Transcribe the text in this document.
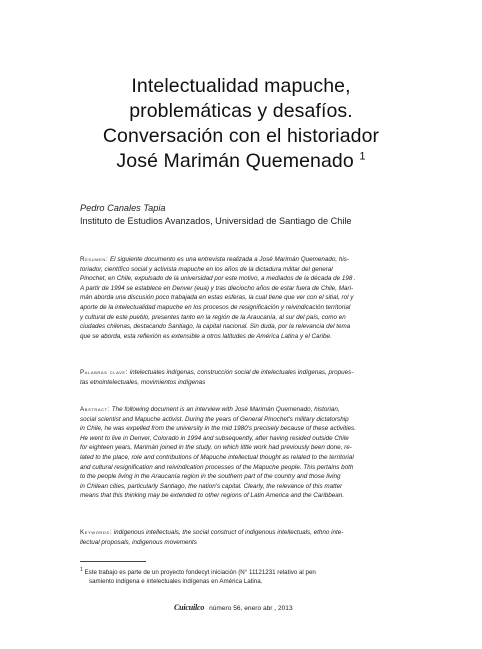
Intelectualidad mapuche,
problemáticas y desafíos.
Conversación con el historiador
José Marimán Quemenado $^1$
Pedro Canales Tapia
Instituto de Estudios Avanzados, Universidad de Santiago de Chile
Resumen: El siguiente documento es una entrevista realizada a José Marimán Quemenado, his-
toriador, científico social y activista mapuche en los años de la dictadura militar del general
Pinochet, en Chile, expulsado de la universidad por este motivo, a mediados de la década de 198 .
A partir de 1994 se establece en Denver (eua) y tras dieciocho años de estar fuera de Chile, Mari-
mán aborda una discusión poco trabajada en estas esferas, la cual tiene que ver con el sitial, rol y
aporte de la intelectualidad mapuche en los procesos de resignificación y reivindicación territorial
y cultural de este pueblo, presentes tanto en la región de la Araucanía, al sur del país, como en
ciudades chilenas, destacando Santiago, la capital nacional. Sin duda, por la relevancia del tema
que se aborda, esta reflexión es extensible a otros latitudes de América Latina y el Caribe.
Palabras clave: intelectuales indígenas, construcción social de intelectuales indígenas, propues-
tas etnointelectuales, movimientos indígenas
Abstract: The following document is an interview with José Marimán Quemenado, historian,
social scientist and Mapuche activist. During the years of General Pinochet's military dictatorship
in Chile, he was expelled from the university in the mid 1980's precisely because of these activities.
He went to live in Denver, Colorado in 1994 and subsequently, after having resided outside Chile
for eighteen years, Marimán joined in the study, on which little work had previously been done, re-
lated to the place, role and contributions of Mapuche intellectual thought as related to the territorial
and cultural resignification and reivindication processes of the Mapuche people. This pertains both
to the people living in the Araucanía region in the southern part of the country and those living
in Chilean cities, particularly Santiago, the nation's capital. Clearly, the relevance of this matter
means that this thinking may be extended to other regions of Latin America and the Caribbean.
Keywords: indigenous intellectuals, the social construct of indigenous intellectuals, ethno inte-
llectual proposals, indigenous movements
$^1$ Este trabajo es parte de un proyecto fondecyt iniciación (N° 11121231 relativo al pen
samiento indígena e intelectuales indígenas en América Latina.
Cuicuilco número 56, enero abr , 2013
